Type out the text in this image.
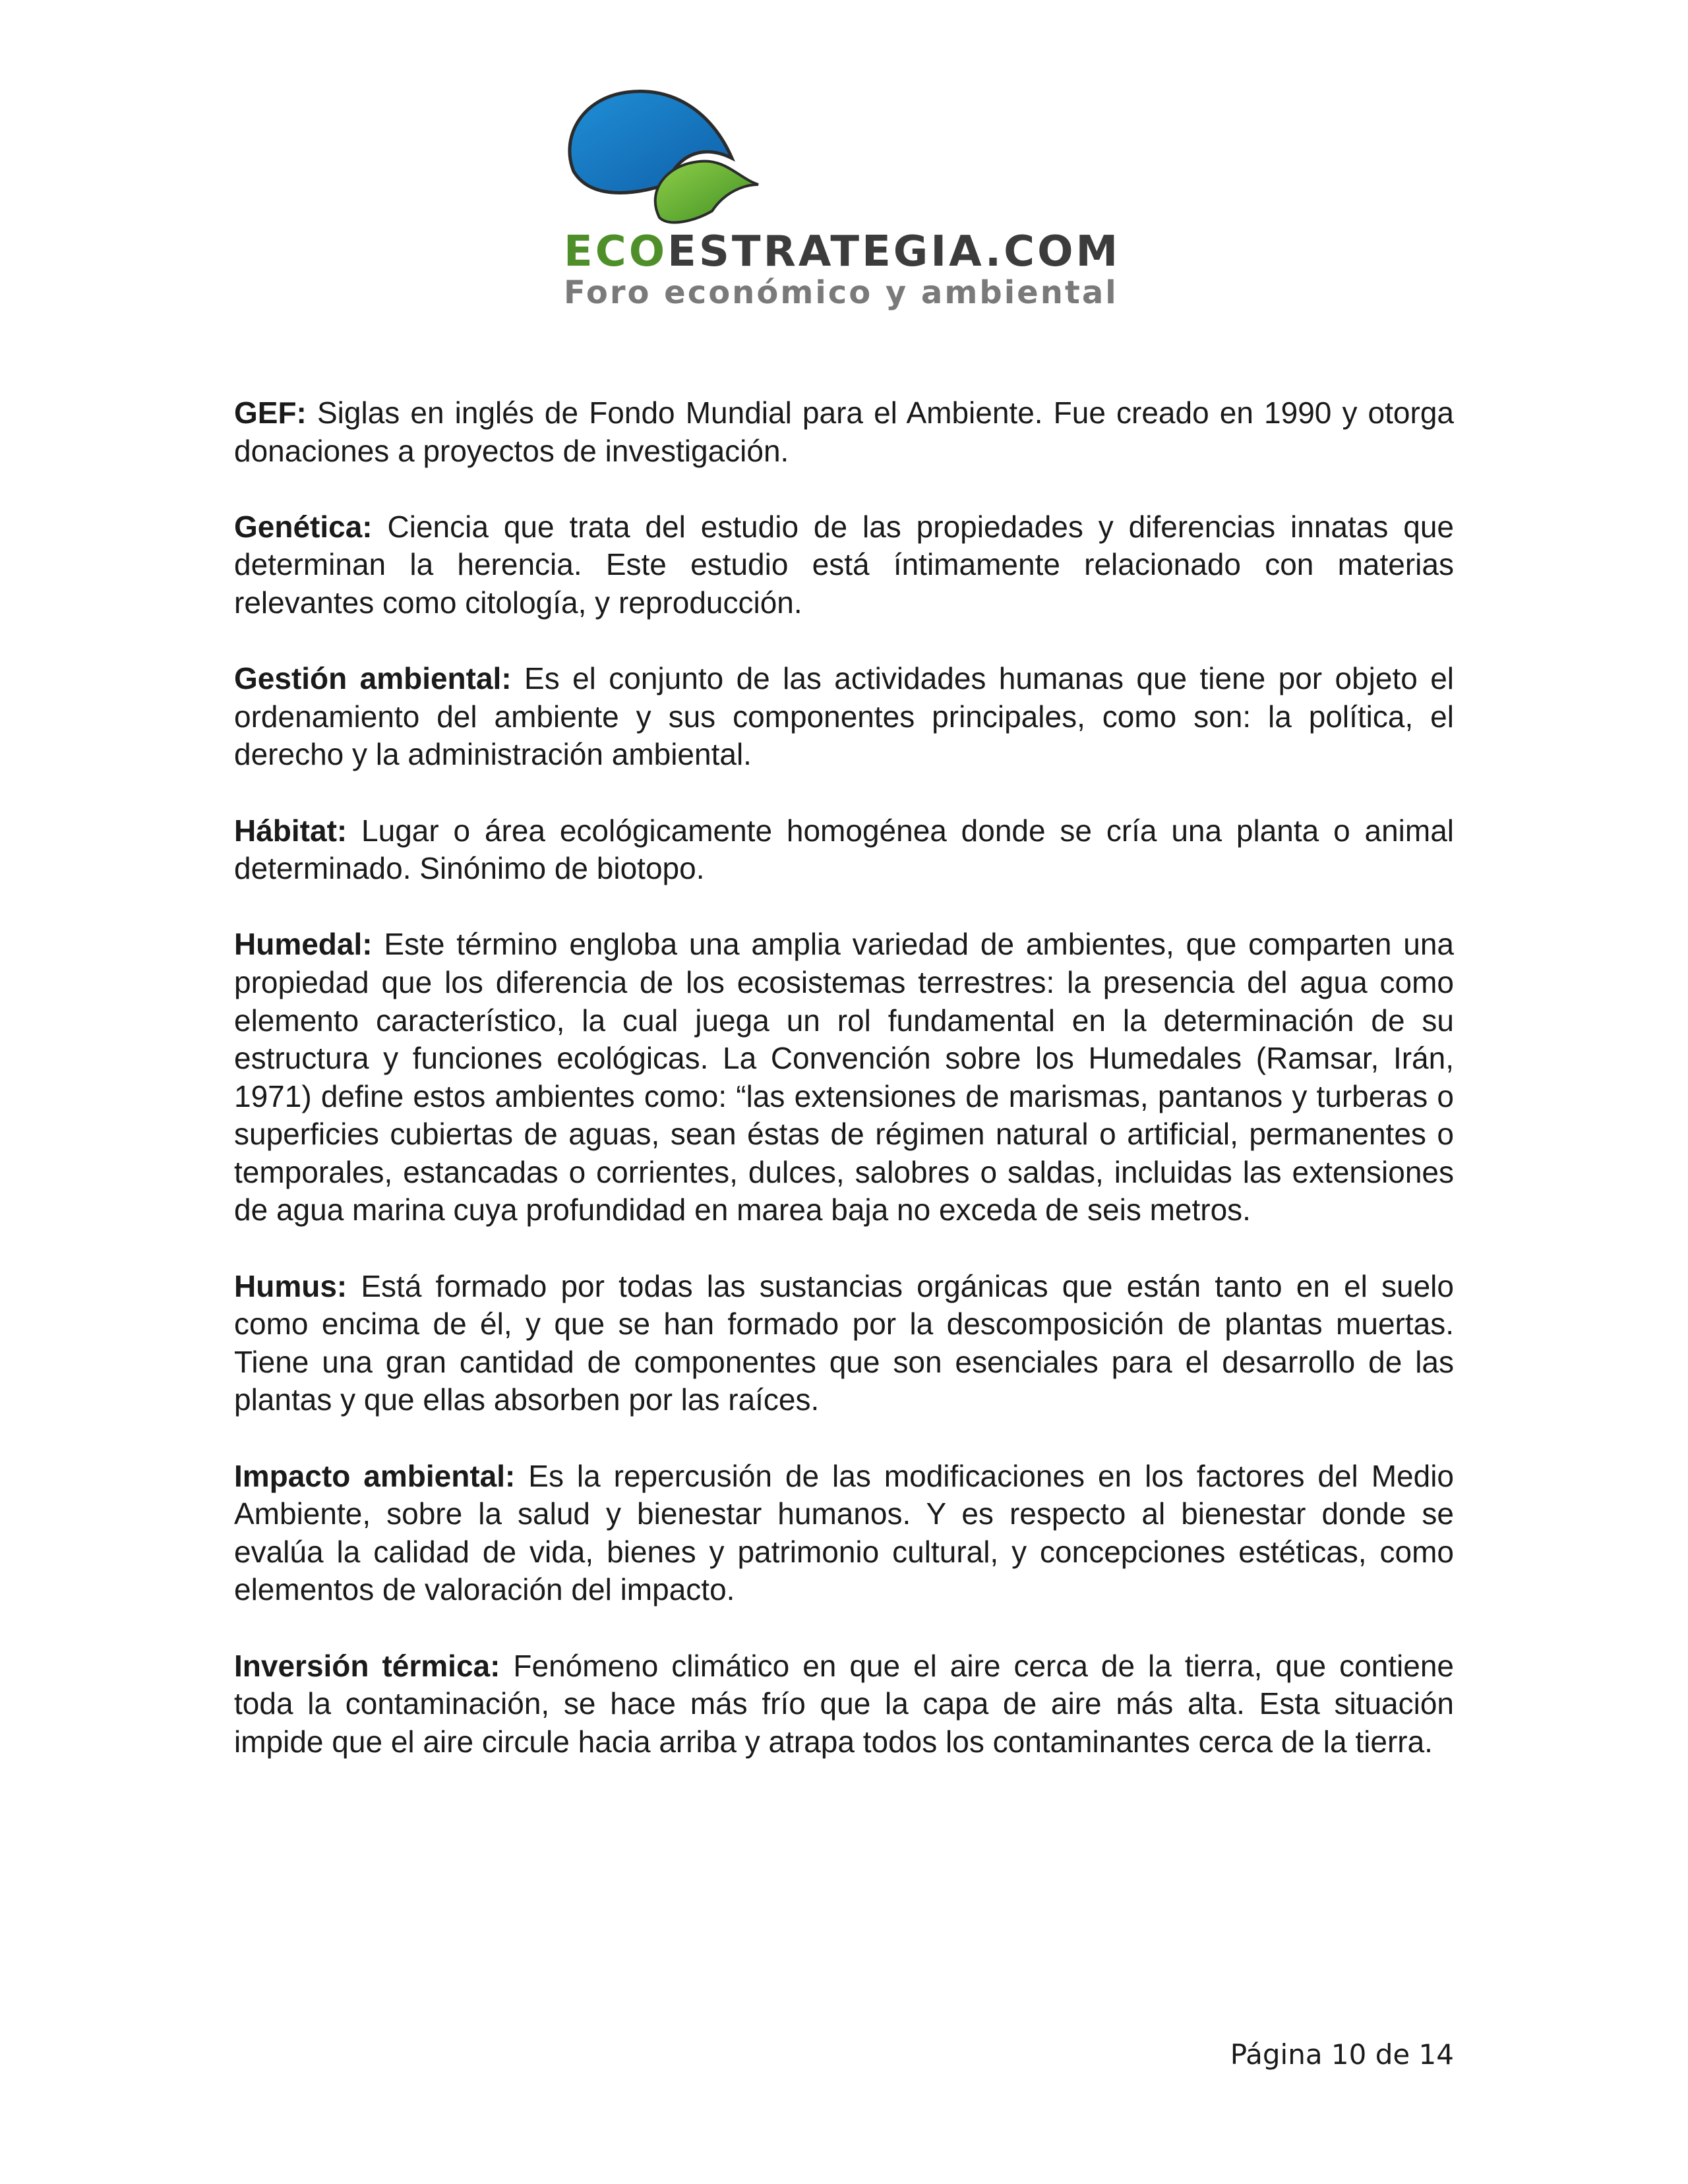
ECOESTRATEGIA.COM
Foro económico y ambiental

GEF: Siglas en inglés de Fondo Mundial para el Ambiente. Fue creado en 1990 y otorga donaciones a proyectos de investigación.

Genética: Ciencia que trata del estudio de las propiedades y diferencias innatas que determinan la herencia. Este estudio está íntimamente relacionado con materias relevantes como citología, y reproducción.

Gestión ambiental: Es el conjunto de las actividades humanas que tiene por objeto el ordenamiento del ambiente y sus componentes principales, como son: la política, el derecho y la administración ambiental.

Hábitat: Lugar o área ecológicamente homogénea donde se cría una planta o animal determinado. Sinónimo de biotopo.

Humedal: Este término engloba una amplia variedad de ambientes, que comparten una propiedad que los diferencia de los ecosistemas terrestres: la presencia del agua como elemento característico, la cual juega un rol fundamental en la determinación de su estructura y funciones ecológicas. La Convención sobre los Humedales (Ramsar, Irán, 1971) define estos ambientes como: “las extensiones de marismas, pantanos y turberas o superficies cubiertas de aguas, sean éstas de régimen natural o artificial, permanentes o temporales, estancadas o corrientes, dulces, salobres o saldas, incluidas las extensiones de agua marina cuya profundidad en marea baja no exceda de seis metros.

Humus: Está formado por todas las sustancias orgánicas que están tanto en el suelo como encima de él, y que se han formado por la descomposición de plantas muertas. Tiene una gran cantidad de componentes que son esenciales para el desarrollo de las plantas y que ellas absorben por las raíces.

Impacto ambiental: Es la repercusión de las modificaciones en los factores del Medio Ambiente, sobre la salud y bienestar humanos. Y es respecto al bienestar donde se evalúa la calidad de vida, bienes y patrimonio cultural, y concepciones estéticas, como elementos de valoración del impacto.

Inversión térmica: Fenómeno climático en que el aire cerca de la tierra, que contiene toda la contaminación, se hace más frío que la capa de aire más alta. Esta situación impide que el aire circule hacia arriba y atrapa todos los contaminantes cerca de la tierra.

Página 10 de 14
